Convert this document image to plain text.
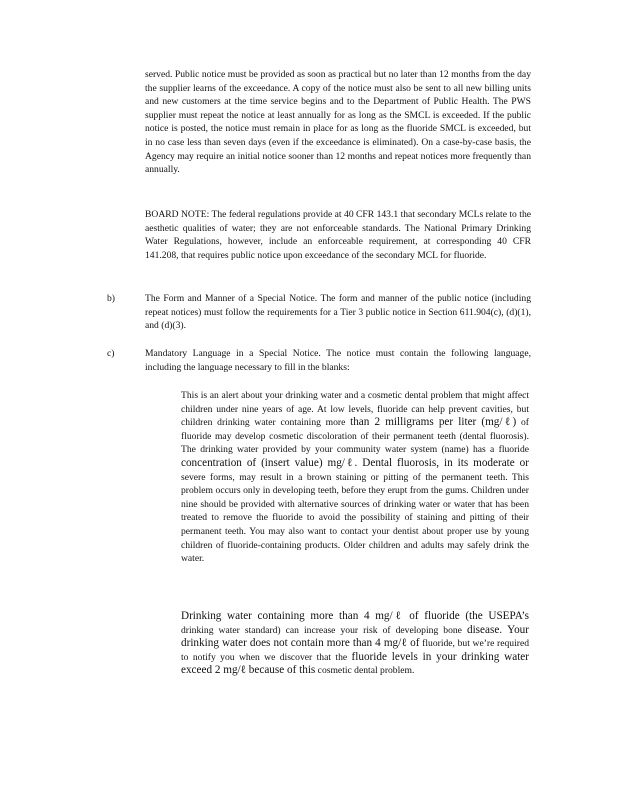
served. Public notice must be provided as soon as practical but no later than 12 months from the day the supplier learns of the exceedance. A copy of the notice must also be sent to all new billing units and new customers at the time service begins and to the Department of Public Health. The PWS supplier must repeat the notice at least annually for as long as the SMCL is exceeded. If the public notice is posted, the notice must remain in place for as long as the fluoride SMCL is exceeded, but in no case less than seven days (even if the exceedance is eliminated). On a case-by-case basis, the Agency may require an initial notice sooner than 12 months and repeat notices more frequently than annually.

BOARD NOTE: The federal regulations provide at 40 CFR 143.1 that secondary MCLs relate to the aesthetic qualities of water; they are not enforceable standards. The National Primary Drinking Water Regulations, however, include an enforceable requirement, at corresponding 40 CFR 141.208, that requires public notice upon exceedance of the secondary MCL for fluoride.

b)	The Form and Manner of a Special Notice. The form and manner of the public notice (including repeat notices) must follow the requirements for a Tier 3 public notice in Section 611.904(c), (d)(1), and (d)(3).

c)	Mandatory Language in a Special Notice. The notice must contain the following language, including the language necessary to fill in the blanks:

This is an alert about your drinking water and a cosmetic dental problem that might affect children under nine years of age. At low levels, fluoride can help prevent cavities, but children drinking water containing more than 2 milligrams per liter (mg/ℓ) of fluoride may develop cosmetic discoloration of their permanent teeth (dental fluorosis). The drinking water provided by your community water system (name) has a fluoride concentration of (insert value) mg/ℓ. Dental fluorosis, in its moderate or severe forms, may result in a brown staining or pitting of the permanent teeth. This problem occurs only in developing teeth, before they erupt from the gums. Children under nine should be provided with alternative sources of drinking water or water that has been treated to remove the fluoride to avoid the possibility of staining and pitting of their permanent teeth. You may also want to contact your dentist about proper use by young children of fluoride-containing products. Older children and adults may safely drink the water.

Drinking water containing more than 4 mg/ℓ of fluoride (the USEPA’s drinking water standard) can increase your risk of developing bone disease. Your drinking water does not contain more than 4 mg/ℓ of fluoride, but we’re required to notify you when we discover that the fluoride levels in your drinking water exceed 2 mg/ℓ because of this cosmetic dental problem.
